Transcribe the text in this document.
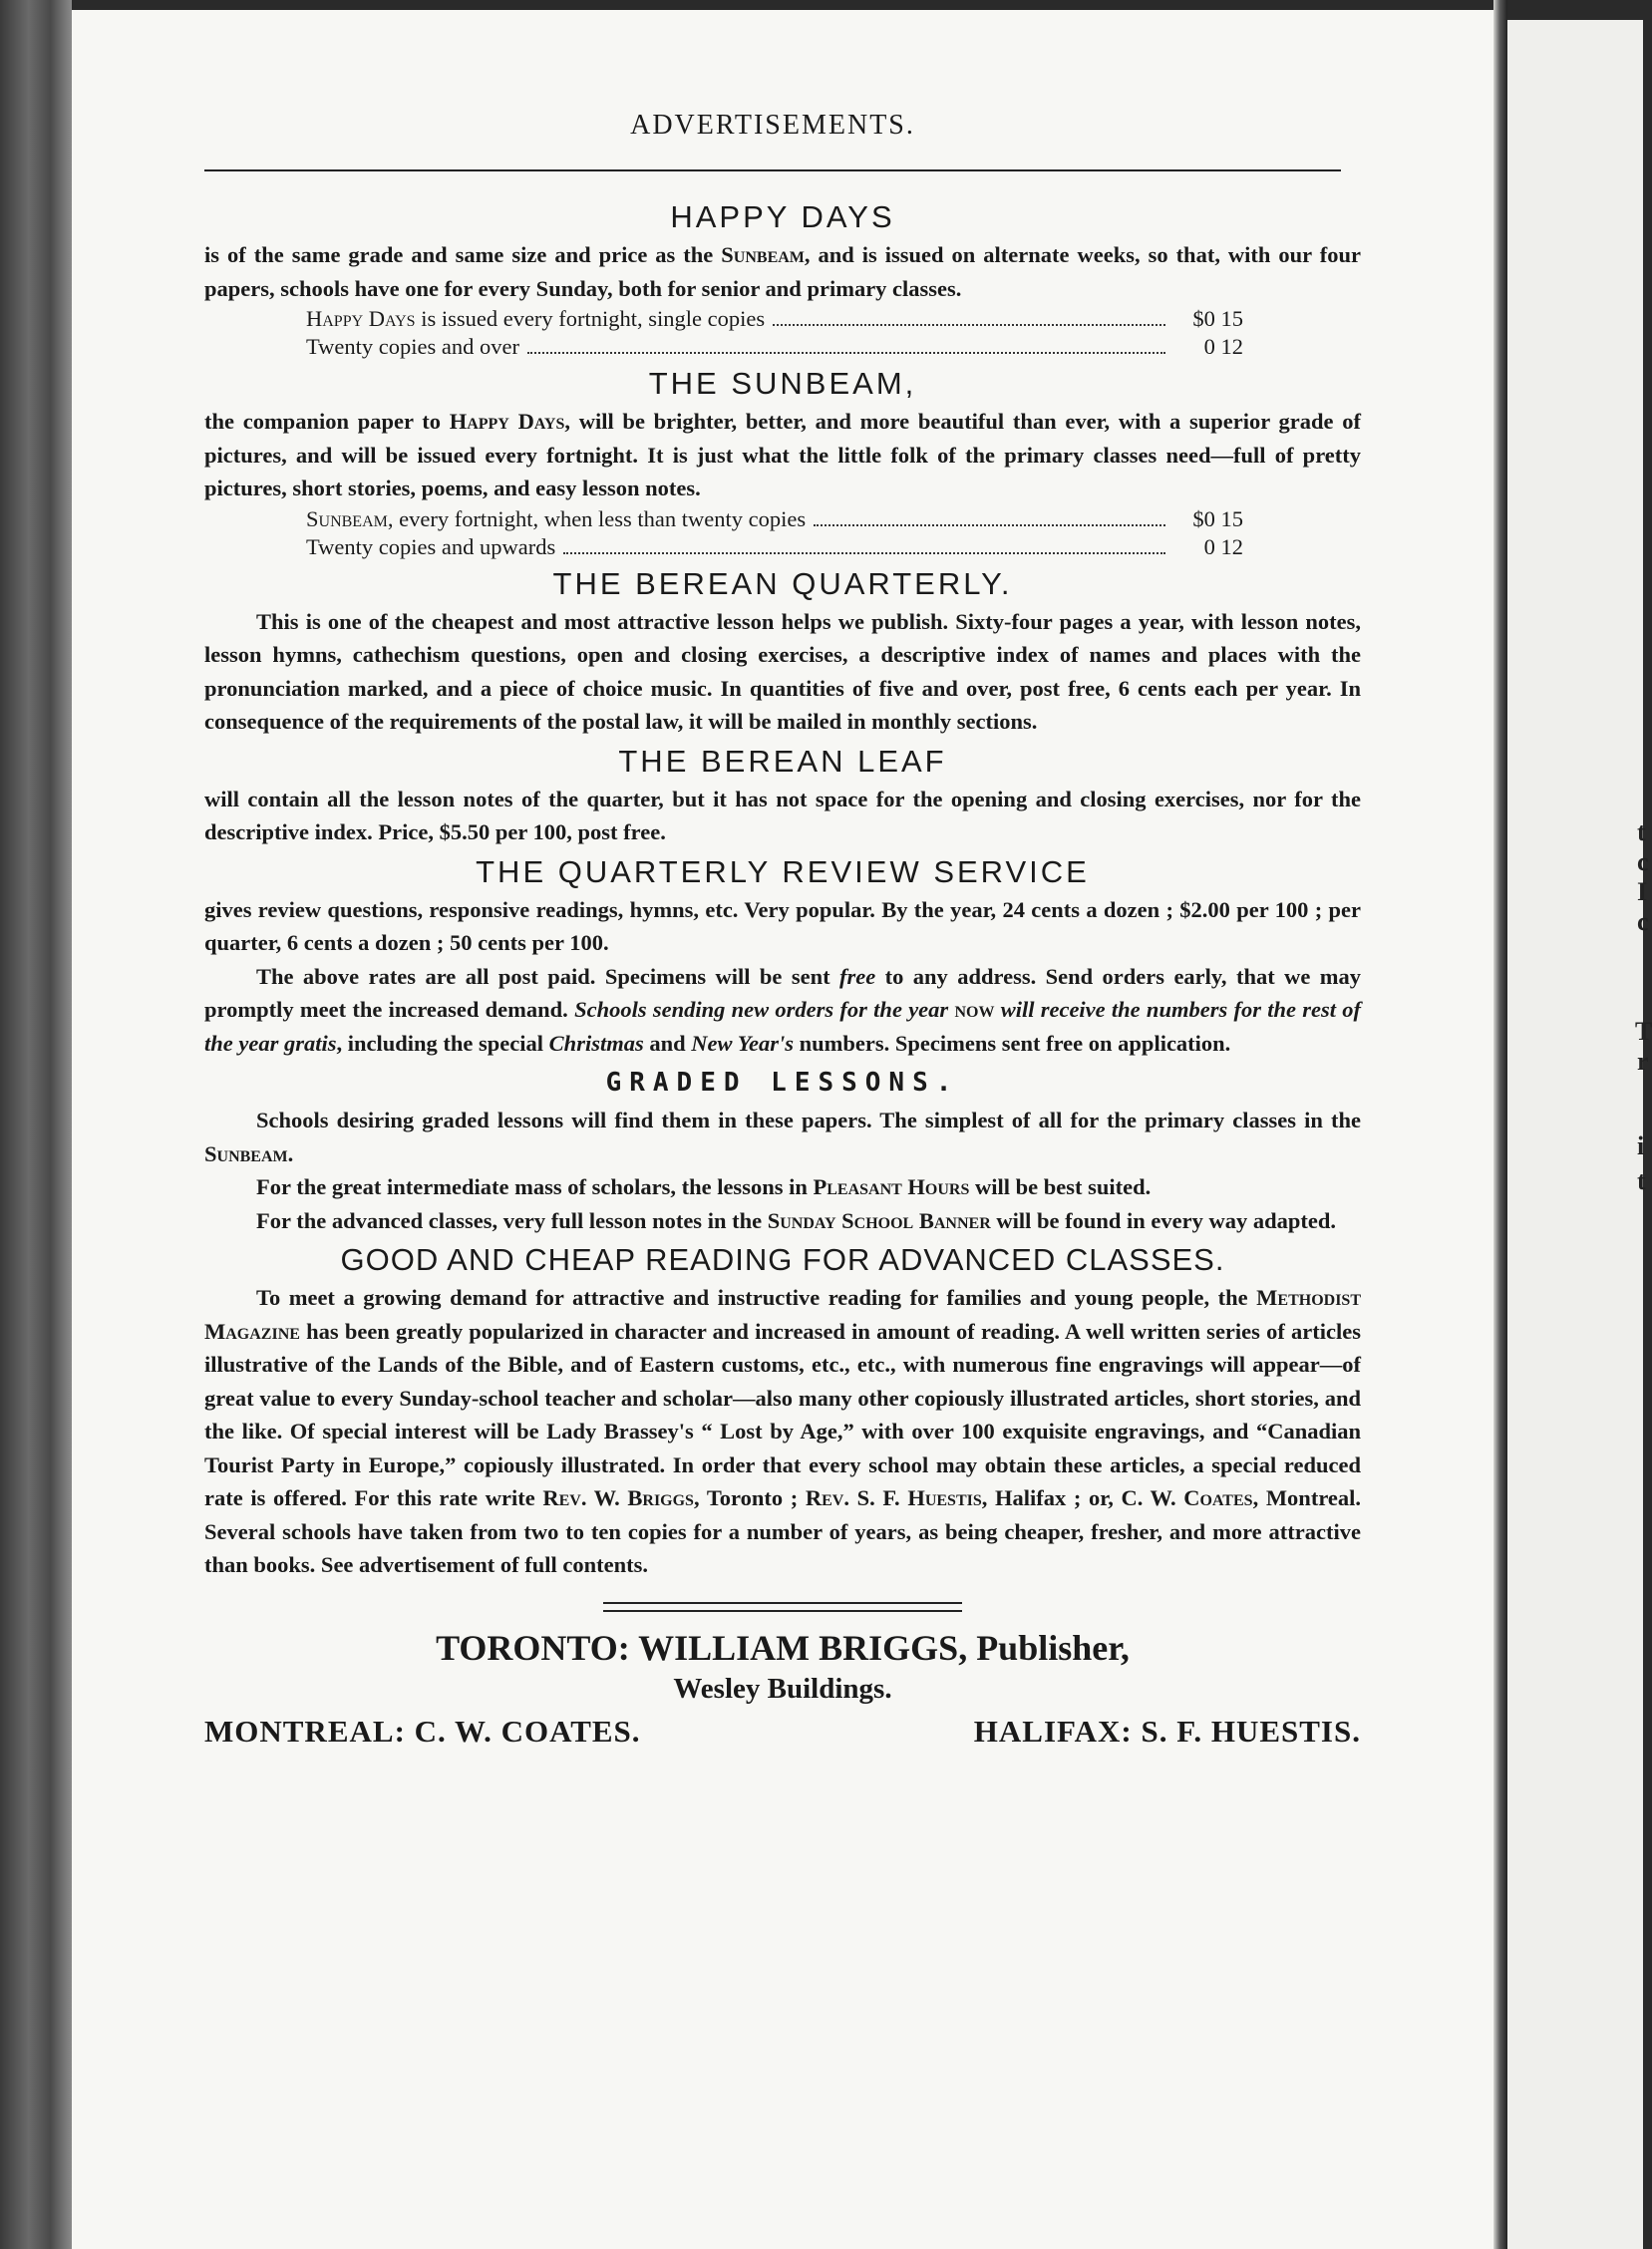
ADVERTISEMENTS.
HAPPY DAYS

is of the same grade and same size and price as the Sunbeam, and is issued on alternate weeks, so that, with our four papers, schools have one for every Sunday, both for senior and primary classes.

Happy Days is issued every fortnight, single copies	$0 15
Twenty copies and over	0 12
THE SUNBEAM,

the companion paper to Happy Days, will be brighter, better, and more beautiful than ever, with a superior grade of pictures, and will be issued every fortnight. It is just what the little folk of the primary classes need—full of pretty pictures, short stories, poems, and easy lesson notes.

Sunbeam, every fortnight, when less than twenty copies	$0 15
Twenty copies and upwards	0 12
THE BEREAN QUARTERLY.

This is one of the cheapest and most attractive lesson helps we publish. Sixty-four pages a year, with lesson notes, lesson hymns, cathechism questions, open and closing exercises, a descriptive index of names and places with the pronunciation marked, and a piece of choice music. In quantities of five and over, post free, 6 cents each per year. In consequence of the requirements of the postal law, it will be mailed in monthly sections.

THE BEREAN LEAF

will contain all the lesson notes of the quarter, but it has not space for the opening and closing exercises, nor for the descriptive index. Price, $5.50 per 100, post free.

THE QUARTERLY REVIEW SERVICE

gives review questions, responsive readings, hymns, etc. Very popular. By the year, 24 cents a dozen ; $2.00 per 100 ; per quarter, 6 cents a dozen ; 50 cents per 100.

The above rates are all post paid. Specimens will be sent free to any address. Send orders early, that we may promptly meet the increased demand. Schools sending new orders for the year now will receive the numbers for the rest of the year gratis, including the special Christmas and New Year's numbers. Specimens sent free on application.

GRADED LESSONS.

Schools desiring graded lessons will find them in these papers. The simplest of all for the primary classes in the Sunbeam.

For the great intermediate mass of scholars, the lessons in Pleasant Hours will be best suited.

For the advanced classes, very full lesson notes in the Sunday School Banner will be found in every way adapted.

GOOD AND CHEAP READING FOR ADVANCED CLASSES.

To meet a growing demand for attractive and instructive reading for families and young people, the Methodist Magazine has been greatly popularized in character and increased in amount of reading. A well written series of articles illustrative of the Lands of the Bible, and of Eastern customs, etc., etc., with numerous fine engravings will appear—of great value to every Sunday-school teacher and scholar—also many other copiously illustrated articles, short stories, and the like. Of special interest will be Lady Brassey's “ Lost by Age,” with over 100 exquisite engravings, and “Canadian Tourist Party in Europe,” copiously illustrated. In order that every school may obtain these articles, a special reduced rate is offered. For this rate write Rev. W. Briggs, Toronto ; Rev. S. F. Huestis, Halifax ; or, C. W. Coates, Montreal. Several schools have taken from two to ten copies for a number of years, as being cheaper, fresher, and more attractive than books. See advertisement of full contents.

TORONTO: WILLIAM BRIGGS, Publisher,
Wesley Buildings.
MONTREAL: C. W. COATES.	HALIFAX: S. F. HUESTIS.
t
c
I
c
T
r
i
t
